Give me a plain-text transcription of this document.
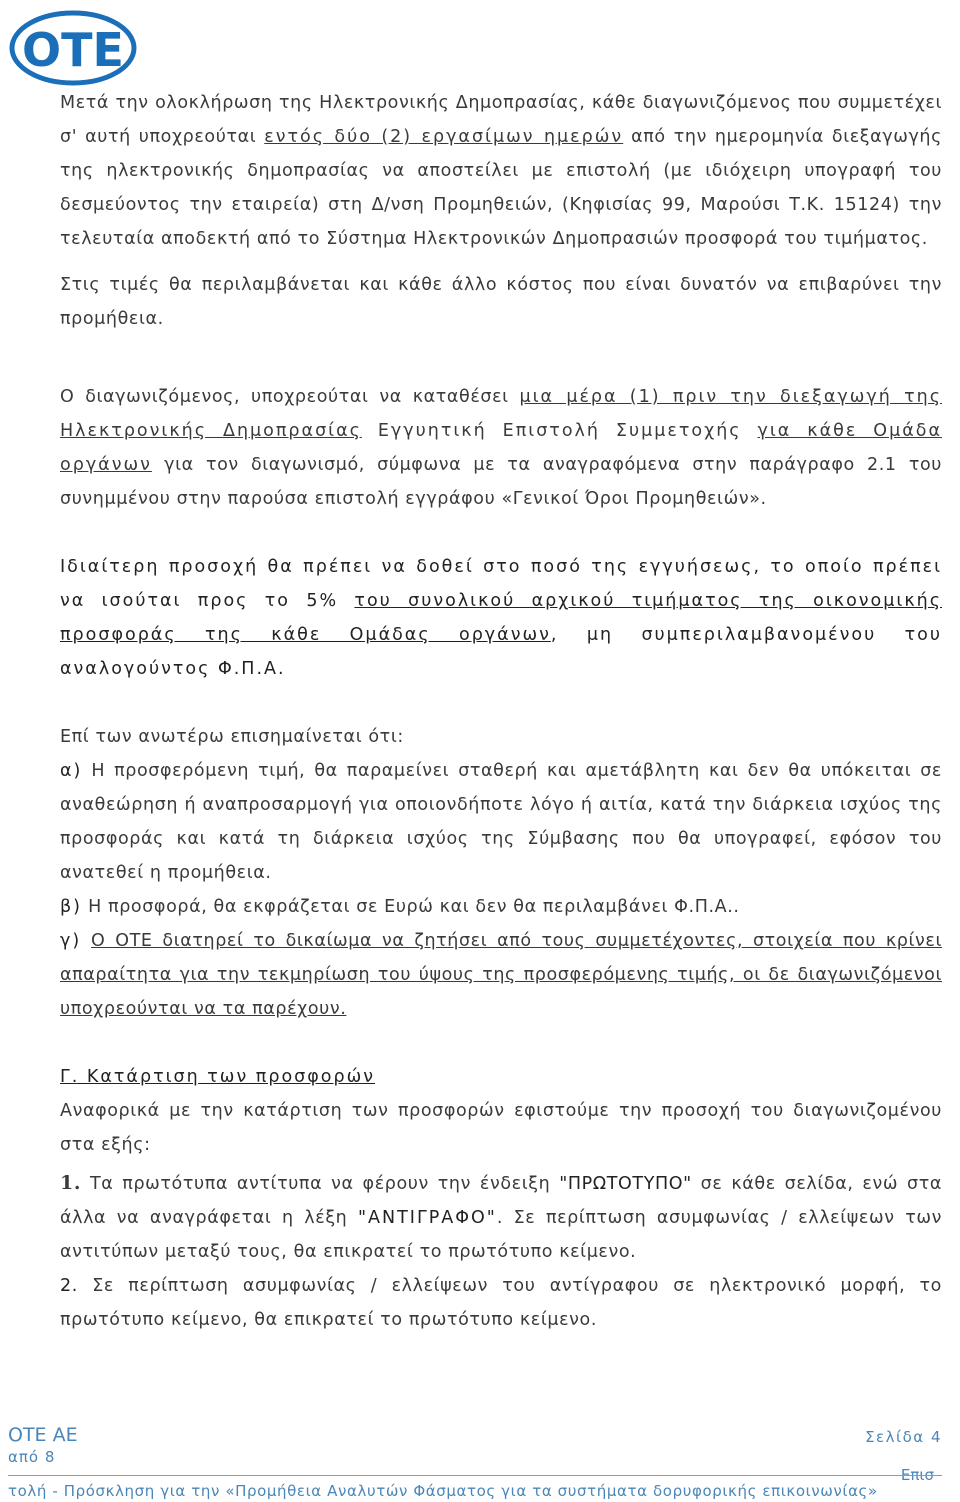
OTE

Μετά την ολοκλήρωση της Ηλεκτρονικής Δημοπρασίας, κάθε διαγωνιζόμενος που συμμετέχει σ' αυτή υποχρεούται εντός δύο (2) εργασίμων ημερών από την ημερομηνία διεξαγωγής της ηλεκτρονικής δημοπρασίας να αποστείλει με επιστολή (με ιδιόχειρη υπογραφή του δεσμεύοντος την εταιρεία) στη Δ/νση Προμηθειών, (Κηφισίας 99, Μαρούσι Τ.Κ. 15124) την τελευταία αποδεκτή από το Σύστημα Ηλεκτρονικών Δημοπρασιών προσφορά του τιμήματος.

Στις τιμές θα περιλαμβάνεται και κάθε άλλο κόστος που είναι δυνατόν να επιβαρύνει την προμήθεια.

Ο διαγωνιζόμενος, υποχρεούται να καταθέσει μια μέρα (1) πριν την διεξαγωγή της Ηλεκτρονικής Δημοπρασίας Εγγυητική Επιστολή Συμμετοχής για κάθε Ομάδα οργάνων για τον διαγωνισμό, σύμφωνα με τα αναγραφόμενα στην παράγραφο 2.1 του συνημμένου στην παρούσα επιστολή εγγράφου «Γενικοί Όροι Προμηθειών».

Ιδιαίτερη προσοχή θα πρέπει να δοθεί στο ποσό της εγγυήσεως, το οποίο πρέπει να ισούται προς το 5% του συνολικού αρχικού τιμήματος της οικονομικής προσφοράς της κάθε Ομάδας οργάνων, μη συμπεριλαμβανομένου του αναλογούντος Φ.Π.Α.

Επί των ανωτέρω επισημαίνεται ότι:

α) Η προσφερόμενη τιμή, θα παραμείνει σταθερή και αμετάβλητη και δεν θα υπόκειται σε αναθεώρηση ή αναπροσαρμογή για οποιονδήποτε λόγο ή αιτία, κατά την διάρκεια ισχύος της προσφοράς και κατά τη διάρκεια ισχύος της Σύμβασης που θα υπογραφεί, εφόσον του ανατεθεί η προμήθεια.

β) Η προσφορά, θα εκφράζεται σε Ευρώ και δεν θα περιλαμβάνει Φ.Π.Α..

γ) Ο ΟΤΕ διατηρεί το δικαίωμα να ζητήσει από τους συμμετέχοντες, στοιχεία που κρίνει απαραίτητα για την τεκμηρίωση του ύψους της προσφερόμενης τιμής, οι δε διαγωνιζόμενοι υποχρεούνται να τα παρέχουν.

Γ. Κατάρτιση των προσφορών

Αναφορικά με την κατάρτιση των προσφορών εφιστούμε την προσοχή του διαγωνιζομένου στα εξής:

1. Τα πρωτότυπα αντίτυπα να φέρουν την ένδειξη "ΠΡΩΤΟΤΥΠΟ" σε κάθε σελίδα, ενώ στα άλλα να αναγράφεται η λέξη "ΑΝΤΙΓΡΑΦΟ". Σε περίπτωση ασυμφωνίας / ελλείψεων των αντιτύπων μεταξύ τους, θα επικρατεί το πρωτότυπο κείμενο.

2. Σε περίπτωση ασυμφωνίας / ελλείψεων του αντίγραφου σε ηλεκτρονικό μορφή, το πρωτότυπο κείμενο, θα επικρατεί το πρωτότυπο κείμενο.

ΟΤΕ ΑΕ
από 8
Σελίδα 4
Επισ
τολή - Πρόσκληση για την «Προμήθεια Αναλυτών Φάσματος για τα συστήματα δορυφορικής επικοινωνίας»
